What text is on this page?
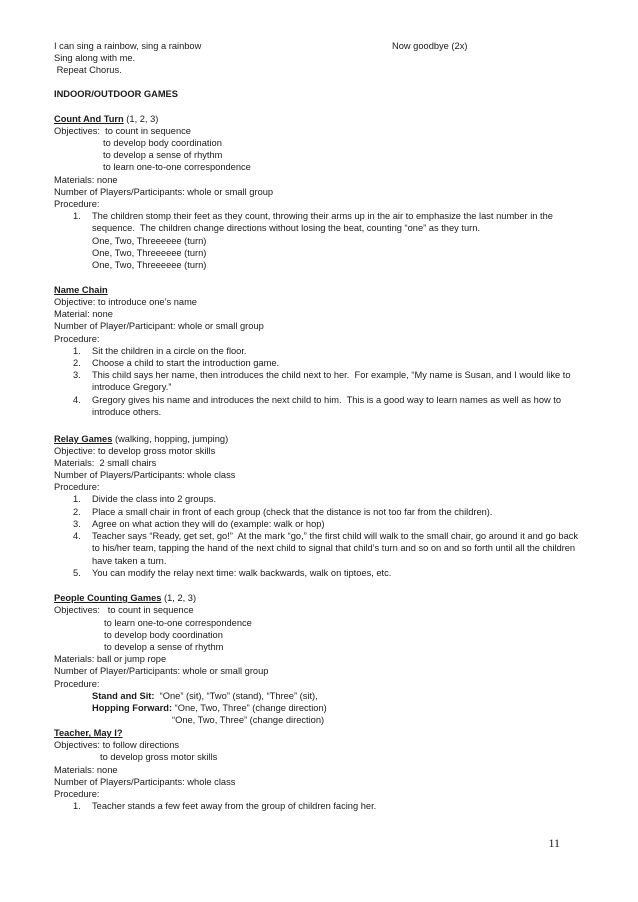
I can sing a rainbow, sing a rainbow	Now goodbye (2x)
Sing along with me.
Repeat Chorus.
INDOOR/OUTDOOR GAMES
Count And Turn (1, 2, 3)
Objectives:  to count in sequence
to develop body coordination
to develop a sense of rhythm
to learn one-to-one correspondence
Materials: none
Number of Players/Participants: whole or small group
Procedure:
1. The children stomp their feet as they count, throwing their arms up in the air to emphasize the last number in the
sequence.  The children change directions without losing the beat, counting “one” as they turn.
One, Two, Threeeeee (turn)
One, Two, Threeeeee (turn)
One, Two, Threeeeee (turn)
Name Chain
Objective: to introduce one’s name
Material: none
Number of Player/Participant: whole or small group
Procedure:
1. Sit the children in a circle on the floor.
2. Choose a child to start the introduction game.
3. This child says her name, then introduces the child next to her.  For example, “My name is Susan, and I would like to
introduce Gregory.”
4. Gregory gives his name and introduces the next child to him.  This is a good way to learn names as well as how to
introduce others.
Relay Games (walking, hopping, jumping)
Objective: to develop gross motor skills
Materials:  2 small chairs
Number of Players/Participants: whole class
Procedure:
1. Divide the class into 2 groups.
2. Place a small chair in front of each group (check that the distance is not too far from the children).
3. Agree on what action they will do (example: walk or hop)
4. Teacher says “Ready, get set, go!”  At the mark “go,” the first child will walk to the small chair, go around it and go back
to his/her team, tapping the hand of the next child to signal that child’s turn and so on and so forth until all the children
have taken a turn.
5. You can modify the relay next time: walk backwards, walk on tiptoes, etc.
People Counting Games (1, 2, 3)
Objectives:   to count in sequence
to learn one-to-one correspondence
to develop body coordination
to develop a sense of rhythm
Materials: ball or jump rope
Number of Player/Participants: whole or small group
Procedure:
Stand and Sit:  “One” (sit), “Two” (stand), “Three” (sit),
Hopping Forward: “One, Two, Three” (change direction)
“One, Two, Three” (change direction)
Teacher, May I?
Objectives: to follow directions
to develop gross motor skills
Materials: none
Number of Players/Participants: whole class
Procedure:
1. Teacher stands a few feet away from the group of children facing her.
11
